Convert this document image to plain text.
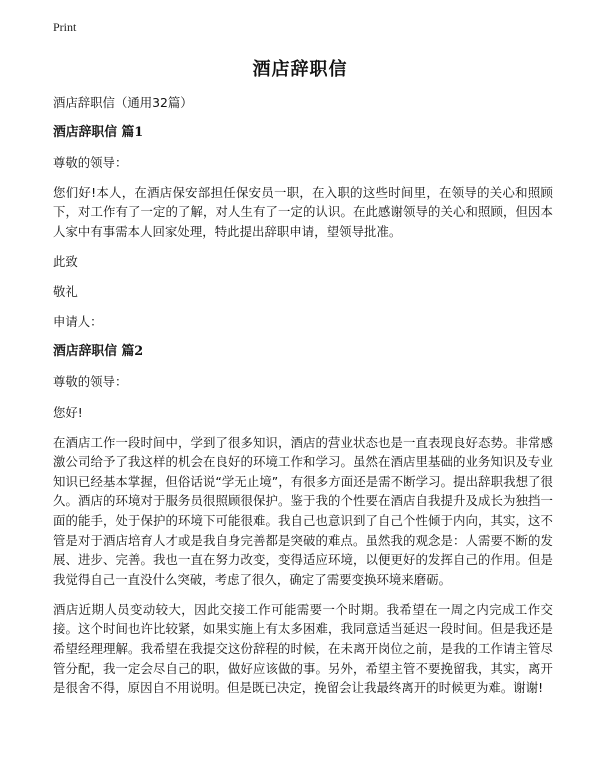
Print
酒店辞职信

酒店辞职信（通用32篇）

酒店辞职信 篇1

尊敬的领导：

您们好!本人，在酒店保安部担任保安员一职，在入职的这些时间里，在领导的关心和照顾下，对工作有了一定的了解，对人生有了一定的认识。在此感谢领导的关心和照顾，但因本人家中有事需本人回家处理，特此提出辞职申请，望领导批准。

此致

敬礼

申请人：

酒店辞职信 篇2

尊敬的领导：

您好!

在酒店工作一段时间中，学到了很多知识，酒店的营业状态也是一直表现良好态势。非常感激公司给予了我这样的机会在良好的环境工作和学习。虽然在酒店里基础的业务知识及专业知识已经基本掌握，但俗话说“学无止境”，有很多方面还是需不断学习。提出辞职我想了很久。酒店的环境对于服务员很照顾很保护。鉴于我的个性要在酒店自我提升及成长为独挡一面的能手，处于保护的环境下可能很难。我自己也意识到了自己个性倾于内向，其实，这不管是对于酒店培育人才或是我自身完善都是突破的难点。虽然我的观念是：人需要不断的发展、进步、完善。我也一直在努力改变，变得适应环境，以便更好的发挥自己的作用。但是我觉得自己一直没什么突破，考虑了很久，确定了需要变换环境来磨砺。

酒店近期人员变动较大，因此交接工作可能需要一个时期。我希望在一周之内完成工作交接。这个时间也许比较紧，如果实施上有太多困难，我同意适当延迟一段时间。但是我还是希望经理理解。我希望在我提交这份辞程的时候，在未离开岗位之前，是我的工作请主管尽管分配，我一定会尽自己的职，做好应该做的事。另外，希望主管不要挽留我，其实，离开是很舍不得，原因自不用说明。但是既已决定，挽留会让我最终离开的时候更为难。谢谢!
